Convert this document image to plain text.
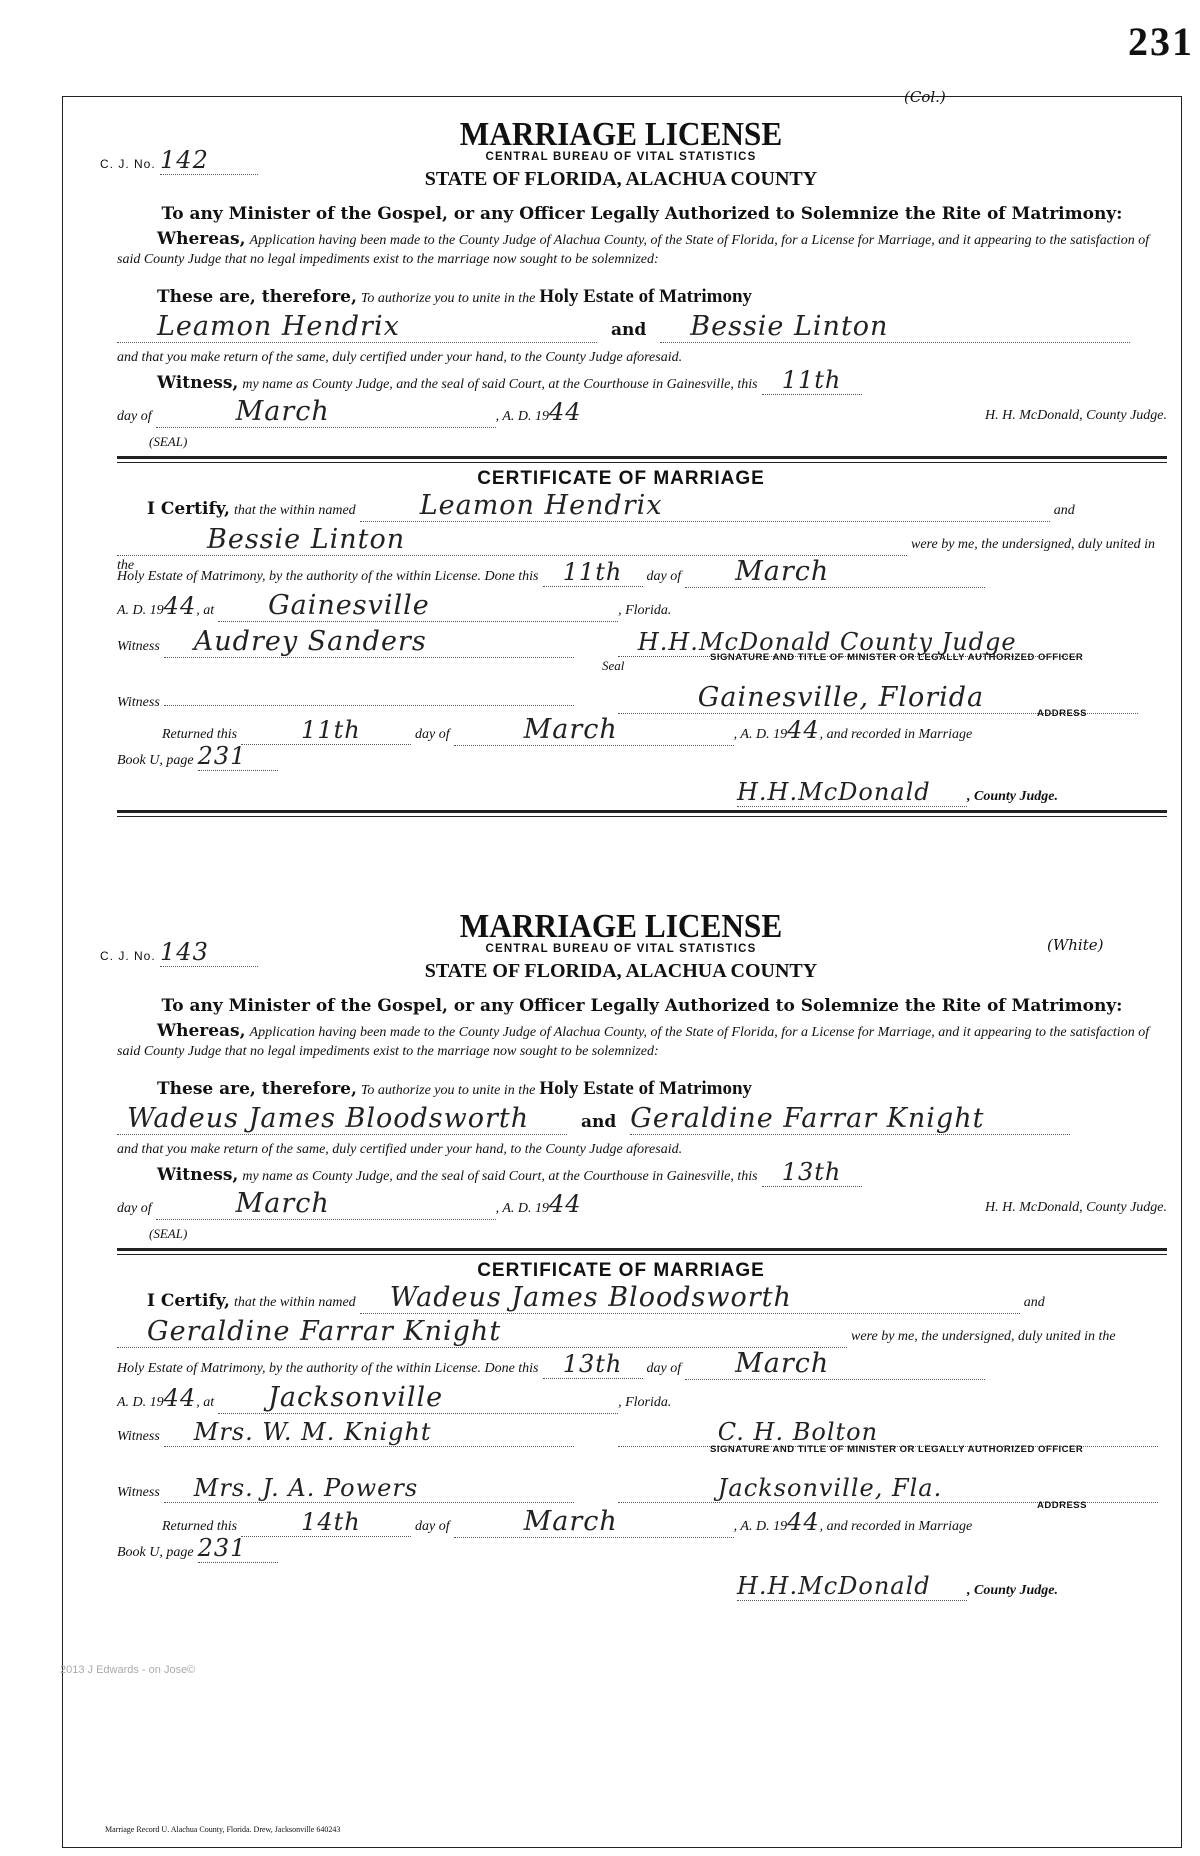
231
(Col.)
MARRIAGE LICENSE
C. J. No. 142	CENTRAL BUREAU OF VITAL STATISTICS
STATE OF FLORIDA, ALACHUA COUNTY
To any Minister of the Gospel, or any Officer Legally Authorized to Solemnize the Rite of Matrimony:
Whereas, Application having been made to the County Judge of Alachua County, of the State of Florida, for a License for Marriage, and it appearing to the satisfaction of said County Judge that no legal impediments exist to the marriage now sought to be solemnized:
These are, therefore, To authorize you to unite in the Holy Estate of Matrimony
Leamon Hendrix	and Bessie Linton
and that you make return of the same, duly certified under your hand, to the County Judge aforesaid.
Witness, my name as County Judge, and the seal of said Court, at the Courthouse in Gainesville, this 11th
day of	March	, A. D. 1944	H. H. McDonald, County Judge.
(SEAL)
CERTIFICATE OF MARRIAGE
I Certify, that the within named Leamon Hendrix	and
Bessie Linton	were by me, the undersigned, duly united in the
Holy Estate of Matrimony, by the authority of the within License. Done this 11th day of March
A. D. 1944, at Gainesville	, Florida.
Witness Audrey Sanders	H.H.McDonald County Judge
SIGNATURE AND TITLE OF MINISTER OR LEGALLY AUTHORIZED OFFICER
Seal
Witness	Gainesville, Florida
ADDRESS
Returned this	11th	day of	March	, A. D. 1944, and recorded in Marriage
Book U, page 231
H.H.McDonald	, County Judge.
(White)
MARRIAGE LICENSE
C. J. No. 143	CENTRAL BUREAU OF VITAL STATISTICS
STATE OF FLORIDA, ALACHUA COUNTY
To any Minister of the Gospel, or any Officer Legally Authorized to Solemnize the Rite of Matrimony:
Whereas, Application having been made to the County Judge of Alachua County, of the State of Florida, for a License for Marriage, and it appearing to the satisfaction of said County Judge that no legal impediments exist to the marriage now sought to be solemnized:
These are, therefore, To authorize you to unite in the Holy Estate of Matrimony
Wadeus James Bloodsworth	and Geraldine Farrar Knight
and that you make return of the same, duly certified under your hand, to the County Judge aforesaid.
Witness, my name as County Judge, and the seal of said Court, at the Courthouse in Gainesville, this 13th
day of	March	, A. D. 1944	H. H. McDonald, County Judge.
(SEAL)
CERTIFICATE OF MARRIAGE
I Certify, that the within named Wadeus James Bloodsworth	and
Geraldine Farrar Knight	were by me, the undersigned, duly united in the
Holy Estate of Matrimony, by the authority of the within License. Done this 13th day of March
A. D. 1944, at Jacksonville	, Florida.
Witness Mrs. W. M. Knight	C. H. Bolton
SIGNATURE AND TITLE OF MINISTER OR LEGALLY AUTHORIZED OFFICER
Witness Mrs. J. A. Powers	Jacksonville, Fla.
ADDRESS
Returned this	14th	day of	March	, A. D. 1944, and recorded in Marriage
Book U, page 231
H.H.McDonald	, County Judge.
2013 J Edwards - on Jose©
Marriage Record U. Alachua County, Florida. Drew, Jacksonville 640243
